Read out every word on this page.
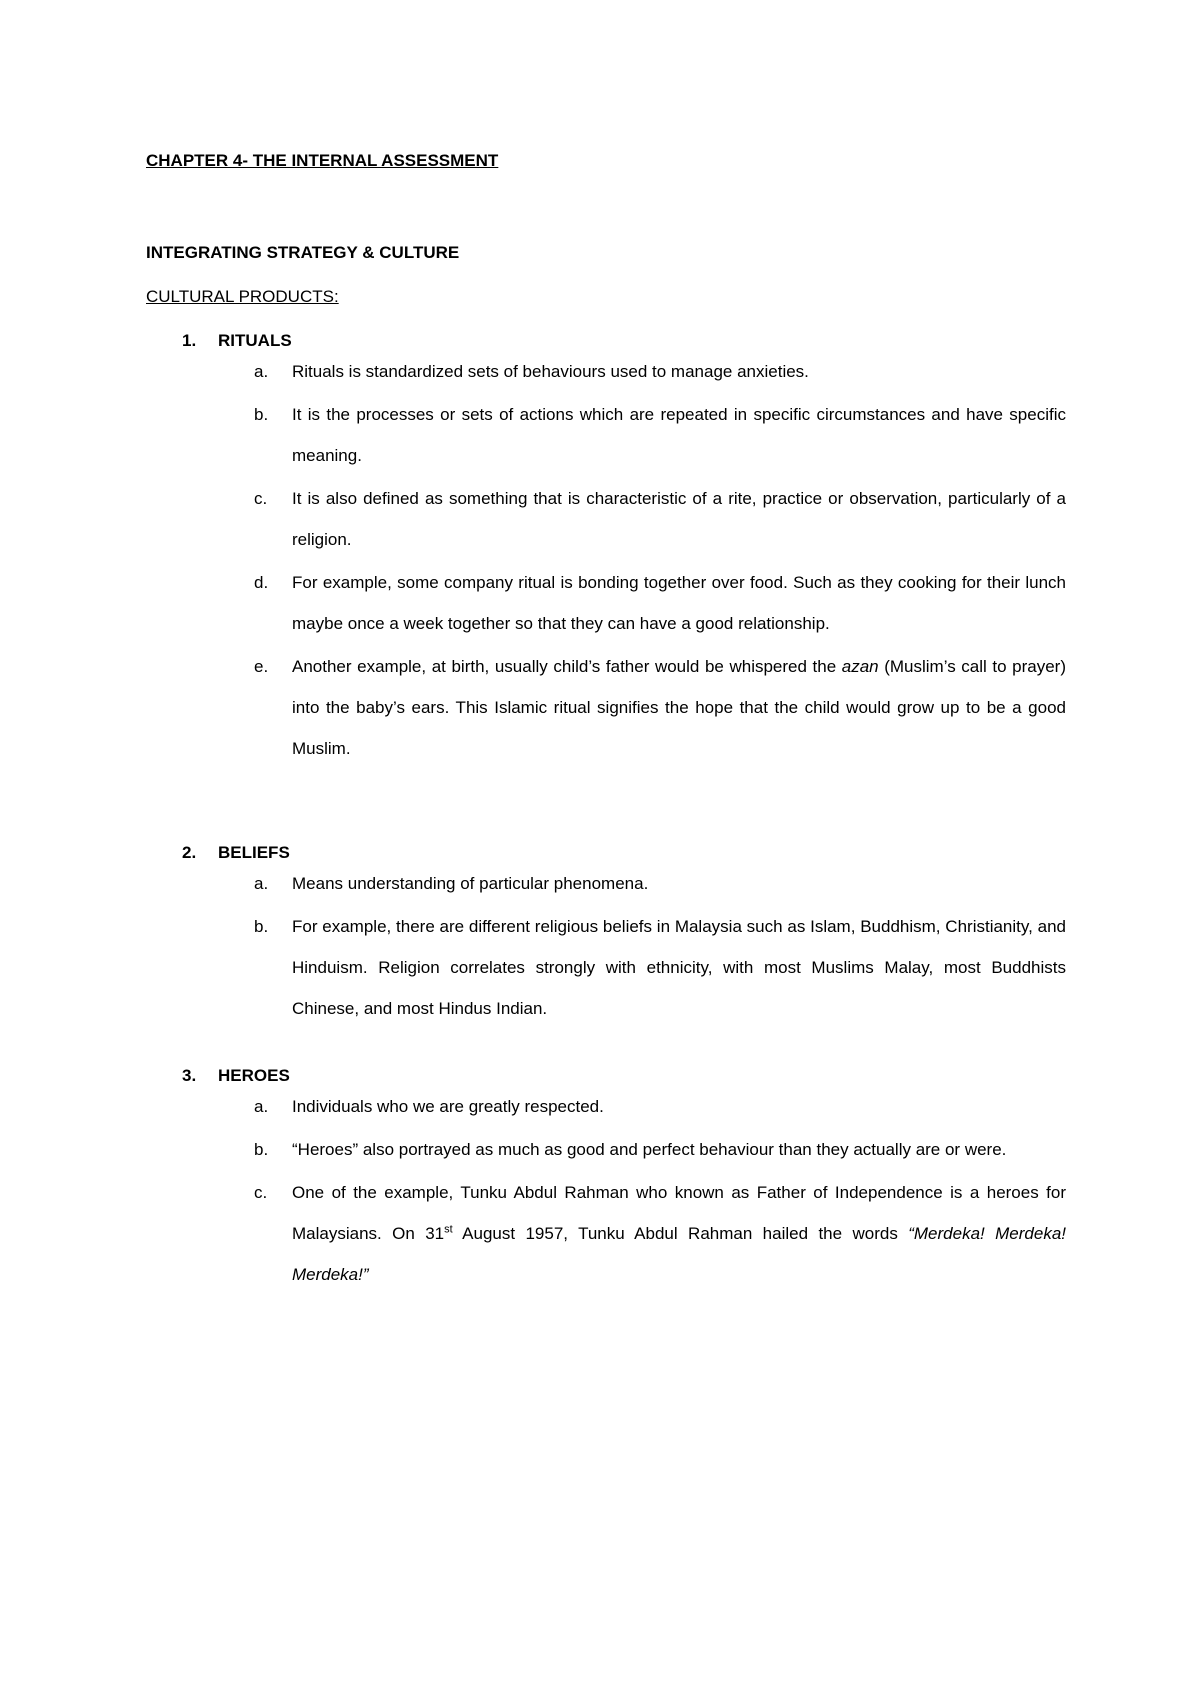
CHAPTER 4- THE INTERNAL ASSESSMENT
INTEGRATING STRATEGY & CULTURE
CULTURAL PRODUCTS:
1.	RITUALS
a.	Rituals is standardized sets of behaviours used to manage anxieties.
b.	It is the processes or sets of actions which are repeated in specific circumstances and have specific meaning.
c.	It is also defined as something that is characteristic of a rite, practice or observation, particularly of a religion.
d.	For example, some company ritual is bonding together over food. Such as they cooking for their lunch maybe once a week together so that they can have a good relationship.
e.	Another example, at birth, usually child’s father would be whispered the azan (Muslim’s call to prayer) into the baby’s ears. This Islamic ritual signifies the hope that the child would grow up to be a good Muslim.
2.	BELIEFS
a.	Means understanding of particular phenomena.
b.	For example, there are different religious beliefs in Malaysia such as Islam, Buddhism, Christianity, and Hinduism. Religion correlates strongly with ethnicity, with most Muslims Malay, most Buddhists Chinese, and most Hindus Indian.
3.	HEROES
a.	Individuals who we are greatly respected.
b.	“Heroes” also portrayed as much as good and perfect behaviour than they actually are or were.
c.	One of the example, Tunku Abdul Rahman who known as Father of Independence is a heroes for Malaysians. On 31st August 1957, Tunku Abdul Rahman hailed the words “Merdeka! Merdeka! Merdeka!”
